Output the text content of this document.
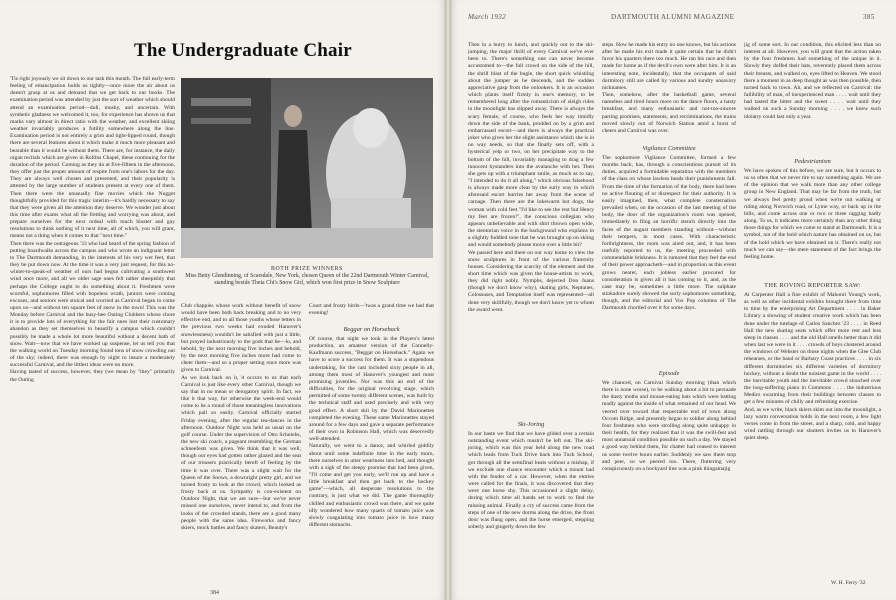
The Undergraduate Chair
'Tis right joyously we sit down to our task this month. The full early-term feeling of emancipation holds us tightly—once more the air about us doesn't grasp at us and demand that we get back to our books. The examination period was attended by just the sort of weather which should attend an examination period—dull, mushy, and uncertain. With synthetic gladness we welcomed it, too, for experience has shown us that marks vary almost in direct ratio with the weather, and excellent skiing weather invariably produces a futility somewhere along the line. Examination period is not entirely a grim and tight-lipped round, though there are several features about it which make it much more pleasant and bearable than it would be without them. There are, for instance, the daily organ recitals which are given in Rollins Chapel, these continuing for the duration of the period. Coming as they do at five-fifteen in the afternoon, they offer just the proper amount of respite from one's labors for the day. They are always well chosen and presented, and their popularity is attested by the large number of students present at every one of them. Then there were the unusually fine movies which the Nugget thoughtfully provided for this tragic interim—it's hardly necessary to say that they were given all the attention they deserve. We wonder just about this time after exams what all the fretting and worrying was about, and prepare ourselves for the next ordeal with much bluster and gay resolutions to think nothing of it next time, all of which, you will grant, means not a thing when it comes to that "next time."
Then there was the outrageous '33 who had heard of the spring fashion of putting boardwalks across the campus and who wrote an indignant letter to The Dartmouth demanding, in the interests of his very wet feet, that they be put down now. At the time it was a very just request, for this no-winter-to-speak-of weather of ours had begun cultivating a southwest wind once more, and all we older sage ones felt rather sheepishly that perhaps the College ought to do something about it. Freshmen were scornful, sophomores filled with hopeless wrath, juniors were coining excuses, and seniors were stoical and worried as Carnival began to come upon us—and without ten square feet of snow in the town! This was the Monday before Carnival and the busy-bee Outing Clubbers whose chore it is to provide lots of everything for the fair ones lost their customary abandon as they set themselves to beautify a campus which couldn't possibly be made a whole lot more beautiful without a decent bath of snow. Wait—now that we have worked up suspense, let us tell you that the walking world on Tuesday morning found tons of snow crowding out of the sky; indeed, there was enough by night to insure a moderately successful Carnival, and the littlest ideas were no more.
Having tasted of success, however, they (we mean by "they" primarily the Outing
BOTH PRIZE WINNERS
Miss Betty Glendinning, of Scarsdale, New York, chosen Queen of the 22nd Dartmouth Winter Carnival, standing beside Theta Chi's Snow Girl, which won first prize in Snow Sculpture
Club chappies whose work without benefit of snow would have been both back breaking and to no very effective end, and to all those youths whose letters in the previous two weeks had exuded Hanover's snowlessness) wouldn't be satisfied with just a little, but prayed industriously to the gods that be—lo, and behold, by the next morning five inches and behold, by the next morning five inches more had come to cheer them—and so a proper setting once more was given to Carnival.
As we look back on it, it occurs to us that each Carnival is just like every other Carnival, though we say that in no mean or derogatory spirit. In fact, we like it that way, for otherwise the week-end would come to be a round of those meaningless innovations which pall so easily. Carnival officially started Friday evening, after the regular tea-dances in the afternoon. Outdoor Night was held as usual on the golf course. Under the supervision of Otto Schniebs, the new ski coach, a pageant resembling the German schneefests was given. We think that it was well, though our eyes had gotten rather glazed and the seat of our trousers practically bereft of feeling by the time it was over. There was a slight wait for the Queen of the Snows, a downright pretty girl, and we turned frosty to look at the crowd, which looked as frosty back at us. Sympathy is con-existent on Outdoor Night, that we are sure—but we've never missed one ourselves, never intend to, and from the looks of the crowded stands, there are a good many people with the same idea. Fireworks and fancy skiers, mock battles and fancy skaters, Beauty's
Court and frosty birds—'twas a grand time we had that evening!
Beggar on Horseback
Of course, that night we took in the Players's latest production, an amateur version of the Connelly-Kaufmann success, "Beggar on Horseback." Again we have to score a success for them. It was a stupendous undertaking, for the cast included sixty people in all, among them most of Hanover's youngest and most promising juveniles. Nor was this an end of the difficulties, for the original revolving stage, which permitted of some twenty different scenes, was built by the technical staff and used precisely and with very good effect. A short skit by the David Marionettes completed the evening. These same Marionettes stayed around for a few days and gave a separate performance of their own in Robinson Hall, which was deservedly well-attended.
Naturally, we went to a dance, and whirled giddily about until some indefinite time in the early morn, there ourselves in utter weariness into bed, and thought with a sigh of the sleepy promise that had been given, "I'll come and get you early, we'll run up and have a little breakfast and then get back to the hockey game"—which, all desperate resolutions to the contrary, is just what we did. The game thoroughly chilled and enthusiastic crowd was there, and we quite idly wondered how many quarts of tomato juice was slowly coagulating into tomato juice in how many different stomachs.
384
March 1932	DARTMOUTH ALUMNI MAGAZINE	385
Then in a hurry to lunch, and quickly out to the ski-jumping, the major thrill of every Carnival we've ever been to. There's something one can never become accustomed to—the full crowd on the side of the hill, the shrill blast of the bugle, the short quick whistling about the jumper as he descends, and the sudden appreciative gasp from the onlookers. It is an occasion which plants itself firmly in one's memory, to be remembered long after the romanticism of sleigh rides in the moonlight has slipped away. There is always the scary female, of course, who feels her way timidly down the side of the bank, prodded on by a grim and embarrassed escort—and there is always the practical joker who gives her the slight assistance which she is in no way needs, so that she finally sets off, with a hysterical yelp or two, on her precipitate way to the bottom of the hill, invariably managing to drag a few innocent bystanders into the avalanche with her. Then she gets up with a triumphant smile, as much as to say, "I intended to do it all along," which obvious falsehood is always made more clear by the surly way in which aforesaid escort hurries her away from the scene of carnage. Then there are the lukewarm hot dogs, the woman with cold feet "I'd like to see the rest but Henry my feet are frozen!", the conscious collegian who appears unbelievable and with shirt thrown open wide, the stentorian voice in the background who explains in a slightly fuddled tone that he was brought up on skiing and would somebody please move over a little bit?
We passed here and there on our way home to view the snow sculptures in front of the various fraternity houses. Considering the scarcity of the element and the short time which was given the house-artists to work, they did right nobly. Nymphs, dejected Don Juans (though we don't know why), skating girls, Neptunes, Colossuses, and Temptation itself was represented—all done very skillfully, though we don't know yet to whom the award went.
Ski-Joring
In our haste we find that we have glided over a certain outstanding event which mustn't be left out. The ski-joring, which was this year held along the new road which leads from Tuck Drive back into Tuck School, got through all the semifinal heats without a mishap, if we exclude one chance encounter which a mount had with the fender of a car. However, when the entries were called for the finals, it was discovered that they were one horse shy. This occasioned a slight delay, during which time all hands set to work to find the missing animal. Finally a cry of success came from the steps of one of the new dorms along the drive, the front door was flung open, and the horse emerged, stepping soberly and gingerly down the few
steps. How he made his entry no one knows, but his actions after he made his exit made it quite certain that he didn't favor his quarters there too much. He ran his race and then made for home as if the devil's own were after him. It is an interesting note, incidentally, that the occupants of said dormitory still are called by various and sundry unsavory nicknames.
Then, somehow, after the basketball game, several nameless and tired hours more on the dance floors, a hasty breakfast, and many enthusiastic and not-too-sincere parting promises, statements, and recriminations, the trains moved slowly out of Norwich Station amid a burst of cheers and Carnival was over.
Vigilance Committee
The sophomore Vigilance Committee, formed a few months back, has, through a conscientious pursuit of its duties, acquired a formidable reputation with the members of the class on whose lawless heads their punishments fall. From the time of the formation of the body, there had been no active flouting of or disrespect for their authority. It is easily imagined, then, what complete consternation prevailed when, on the occasion of the last meeting of the body, the door of the organization's room was opened, immediately to fling an horrific stench directly into the faces of the august members standing without—without their tempers, in most cases. With characteristic forthrightness, the room was aired out, and, it has been ruefully reported to us, the meeting proceeded with commendable briskness. It is rumored that they feel the end of their power approacheth—and in proportion as this event grows nearer, each jobless earlier procured for consideration is given all it has coming to it, and, as the case may be, sometimes a little more. The sulphate stinkadore surely showed the surly sophomores something, though, and the editorial and Vox Pop columns of The Dartmouth chortled over it for some days.
Episode
We chanced, on Carnival Sunday morning (than which there is none worse), to be walking about a bit to persuade the dusty moths and mouse-eating bats which were batting madly against the inside of what remained of our head. We veered over toward that respectable end of town along Occom Ridge, and presently began to soldier along behind four freshmen who were strolling along quite unhappy in their health, for they realized that it was the swill-fest and most unnatural condition possible on such a day. We stayed a good way behind them, for chatter had ceased to interest us some twelve hours earlier. Suddenly we saw them stop and peer, so we peered too. There, fluttering very conspicuously on a hockyard line was a pink thingamajig
jig of some sort. In our condition, this elicited less than no interest at all. However, you will grant that the action taken by the four freshmen had something of the unique in it. Slowly they doffed their hats, reverently placed them across their breasts, and walked on, eyes lifted to Heaven. We stood there a moment in as deep thought as was then possible, then turned back to town. Ah, and we reflected on Carnival: the fallibility of man, of inexperienced man . . . . wait until they had tasted the bitter and the sweet . . . . wait until they walked on such a Sunday morning . . . . we knew such idolatry could last only a year.
Pedestrianism
We have spoken of this before, we are sure, but it occurs to us so often that we never tire to say something again. We are of the opinion that we walk more than any other college group in New England. That may be far from the truth, but we always feel pretty proud when we're out walking or riding along Norwich road, or Lyme way, or back up in the hills, and come across one or two or three ragging badly along. To us, it indicates more certainly than any other thing those things for which we come to stand at Dartmouth. It is a symbol, not of the hold which nature has obtained on us, but of the hold which we have obtained on it. There's really not much we can say—the mere statement of the fact brings the feeling home.
THE ROVING REPORTER SAW:
At Carpenter Hall a fine exhibit of Mahonri Young's work, as well as other incidental exhibits brought there from time to time by the enterprising Art Department . . . . in Baker Library a showing of student creative work which has been done under the tutelage of Carlos Sanchez '23 . . . . in Reed Hall the new skating seats which offer more rest and less sleep in classes . . . . and the old Hall smells better than it did when last we were in it . . . . crowds of boys clustered around the windows of Webster on those nights when the Glee Club rehearses, or the band or Barbary Coast practices . . . . in six different dormitories six different varieties of dormitory hockey, without a doubt the noisiest game in the world . . . . the inevitable youth and the inevitable crowd slouched over the long-suffering piano in Commons . . . . the industrious Medics swarming from their buildings between classes to get a few minutes of chilly and refreshing exercise.
And, as we write, black skiers skim out into the moonlight, a lazy warm conversation holds in the next room, a few light verses come in from the street, and a sharp, cold, and happy wind rattling through our shutters invites us to Hanover's quiet sleep.
W. H. Ferry '32
